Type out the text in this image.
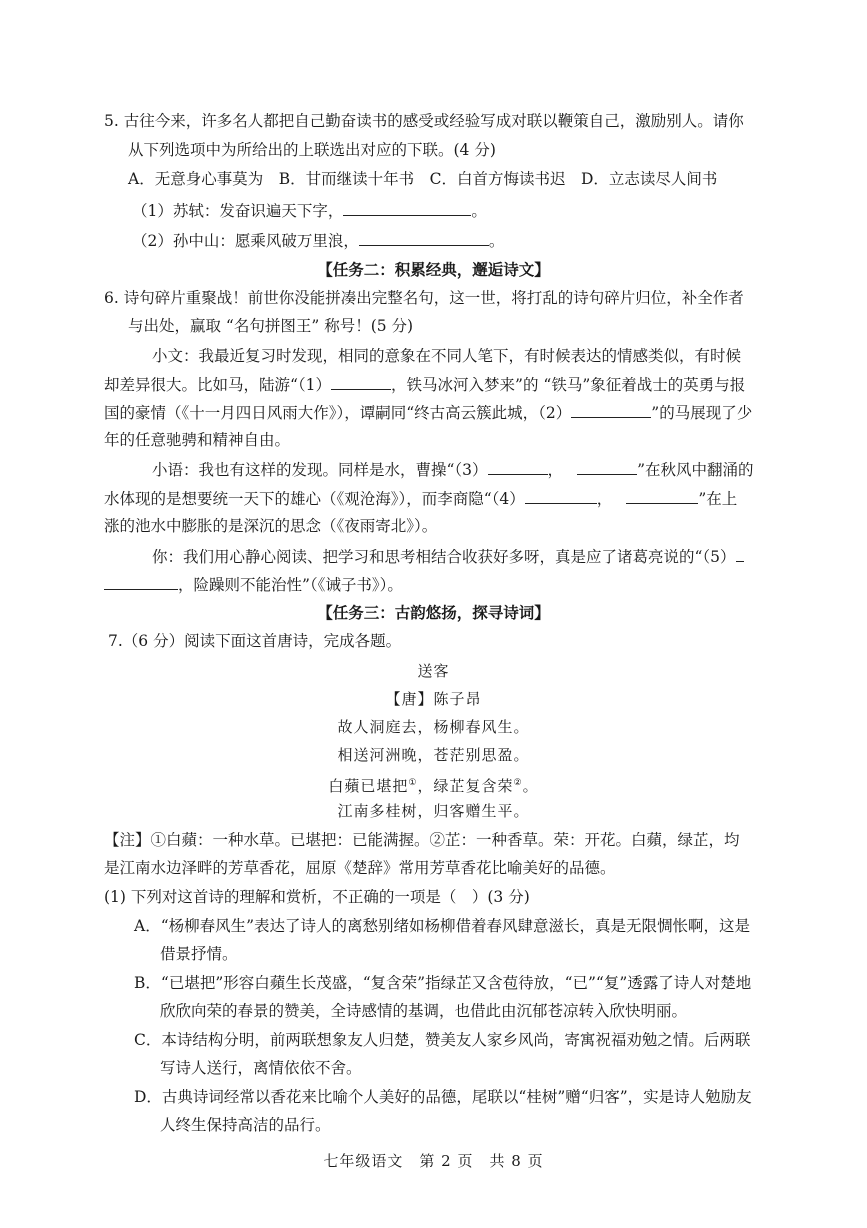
5. 古往今来，许多名人都把自己勤奋读书的感受或经验写成对联以鞭策自己，激励别人。请你
从下列选项中为所给出的上联选出对应的下联。(4 分)
A．无意身心事莫为　B．甘而继读十年书　C．白首方悔读书迟　D．立志读尽人间书
（1）苏轼：发奋识遍天下字，	。
（2）孙中山：愿乘风破万里浪，	。
【任务二：积累经典，邂逅诗文】
6. 诗句碎片重聚战！前世你没能拼凑出完整名句，这一世，将打乱的诗句碎片归位，补全作者
与出处，赢取 “名句拼图王” 称号！(5 分)
小文：我最近复习时发现，相同的意象在不同人笔下，有时候表达的情感类似，有时候
却差异很大。比如马，陆游“（1）	，铁马冰河入梦来”的 “铁马”象征着战士的英勇与报
国的豪情（《十一月四日风雨大作》），谭嗣同“终古高云簇此城，（2）	”的马展现了少
年的任意驰骋和精神自由。
小语：我也有这样的发现。同样是水，曹操“（3）	，	”在秋风中翻涌的
水体现的是想要统一天下的雄心（《观沧海》），而李商隐“（4）	，	”在上
涨的池水中膨胀的是深沉的思念（《夜雨寄北》）。
你：我们用心静心阅读、把学习和思考相结合收获好多呀，真是应了诸葛亮说的“（5）
，险躁则不能治性”（《诫子书》）。
【任务三：古韵悠扬，探寻诗词】
7.（6 分）阅读下面这首唐诗，完成各题。
送客
【唐】陈子昂
故人洞庭去，杨柳春风生。
相送河洲晚，苍茫别思盈。
白蘋已堪把①，绿芷复含荣②。
江南多桂树，归客赠生平。
【注】①白蘋：一种水草。已堪把：已能满握。②芷：一种香草。荣：开花。白蘋，绿芷，均
是江南水边泽畔的芳草香花，屈原《楚辞》常用芳草香花比喻美好的品德。
(1) 下列对这首诗的理解和赏析，不正确的一项是（　）(3 分)
A．“杨柳春风生”表达了诗人的离愁别绪如杨柳借着春风肆意滋长，真是无限惆怅啊，这是
借景抒情。
B．“已堪把”形容白蘋生长茂盛，“复含荣”指绿芷又含苞待放，“已”“复”透露了诗人对楚地
欣欣向荣的春景的赞美，全诗感情的基调，也借此由沉郁苍凉转入欣快明丽。
C．本诗结构分明，前两联想象友人归楚，赞美友人家乡风尚，寄寓祝福劝勉之情。后两联
写诗人送行，离情依依不舍。
D．古典诗词经常以香花来比喻个人美好的品德，尾联以“桂树”赠“归客”，实是诗人勉励友
人终生保持高洁的品行。
七年级语文　第 2 页　共 8 页
